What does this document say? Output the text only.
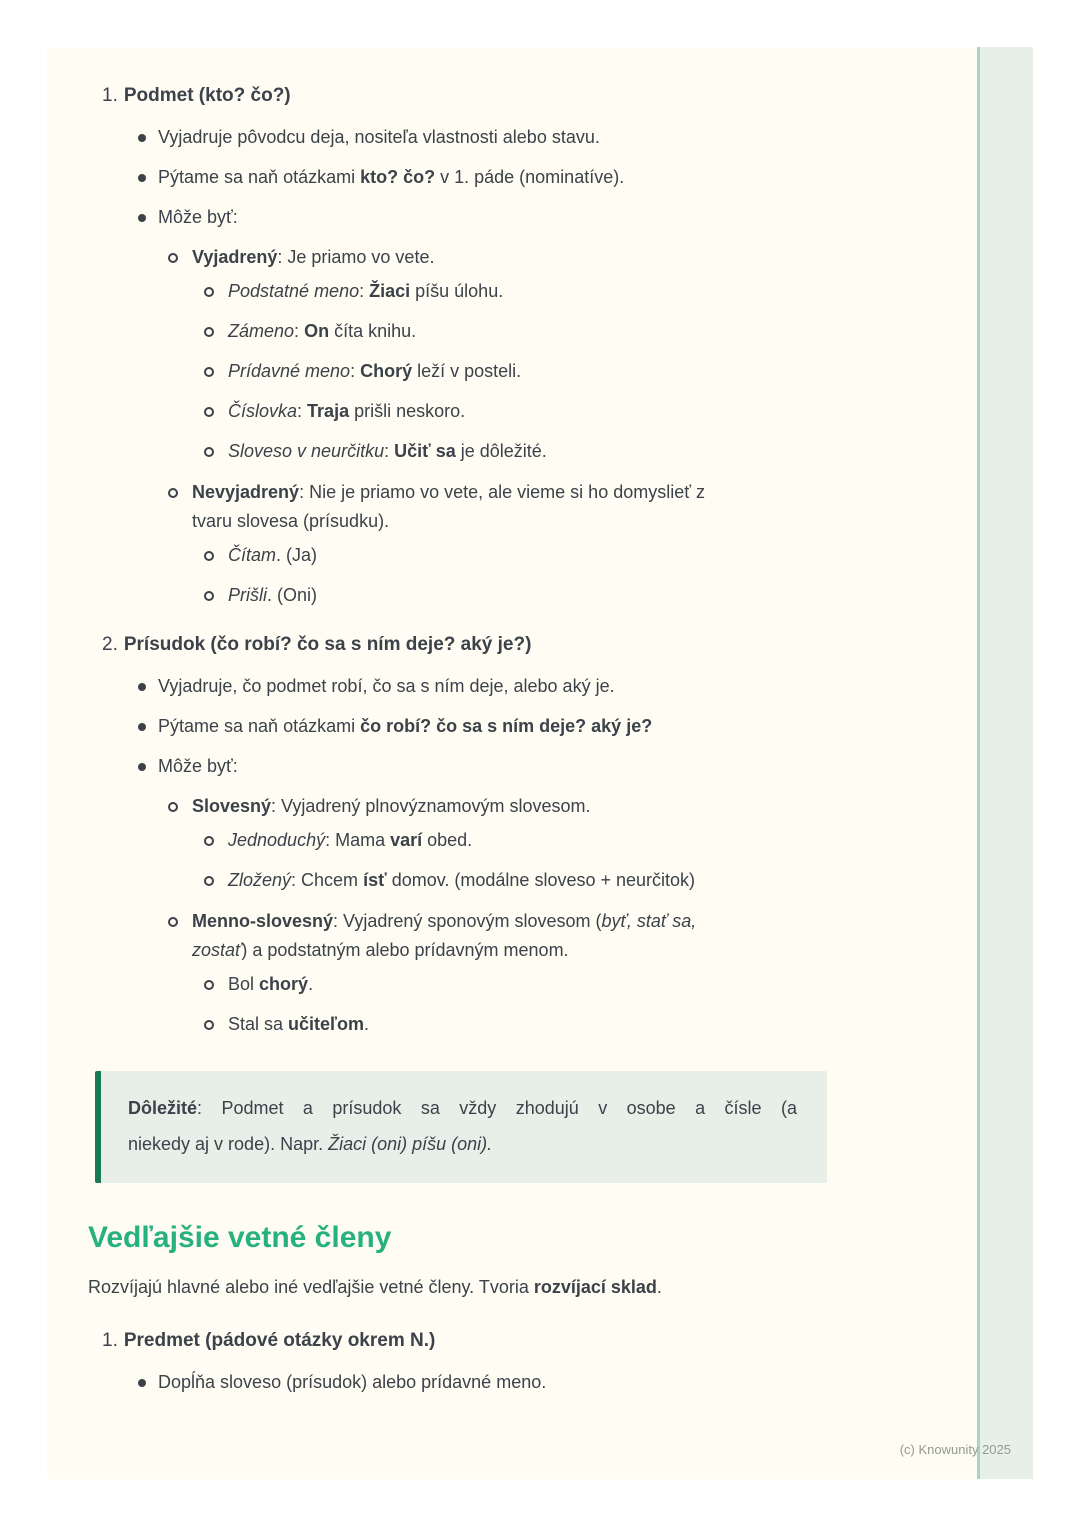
1. Podmet (kto? čo?)
Vyjadruje pôvodcu deja, nositeľa vlastnosti alebo stavu.
Pýtame sa naň otázkami kto? čo? v 1. páde (nominatíve).
Môže byť:
Vyjadrený: Je priamo vo vete.
Podstatné meno: Žiaci píšu úlohu.
Zámeno: On číta knihu.
Prídavné meno: Chorý leží v posteli.
Číslovka: Traja prišli neskoro.
Sloveso v neurčitku: Učiť sa je dôležité.
Nevyjadrený: Nie je priamo vo vete, ale vieme si ho domyslieť z
tvaru slovesa (prísudku).
Čítam. (Ja)
Prišli. (Oni)
2. Prísudok (čo robí? čo sa s ním deje? aký je?)
Vyjadruje, čo podmet robí, čo sa s ním deje, alebo aký je.
Pýtame sa naň otázkami čo robí? čo sa s ním deje? aký je?
Môže byť:
Slovesný: Vyjadrený plnovýznamovým slovesom.
Jednoduchý: Mama varí obed.
Zložený: Chcem ísť domov. (modálne sloveso + neurčitok)
Menno-slovesný: Vyjadrený sponovým slovesom (byť, stať sa,
zostať) a podstatným alebo prídavným menom.
Bol chorý.
Stal sa učiteľom.
Dôležité: Podmet a prísudok sa vždy zhodujú v osobe a čísle (a
niekedy aj v rode). Napr. Žiaci (oni) píšu (oni).
Vedľajšie vetné členy

Rozvíjajú hlavné alebo iné vedľajšie vetné členy. Tvoria rozvíjací sklad.

1. Predmet (pádové otázky okrem N.)
Dopĺňa sloveso (prísudok) alebo prídavné meno.
(c) Knowunity 2025
